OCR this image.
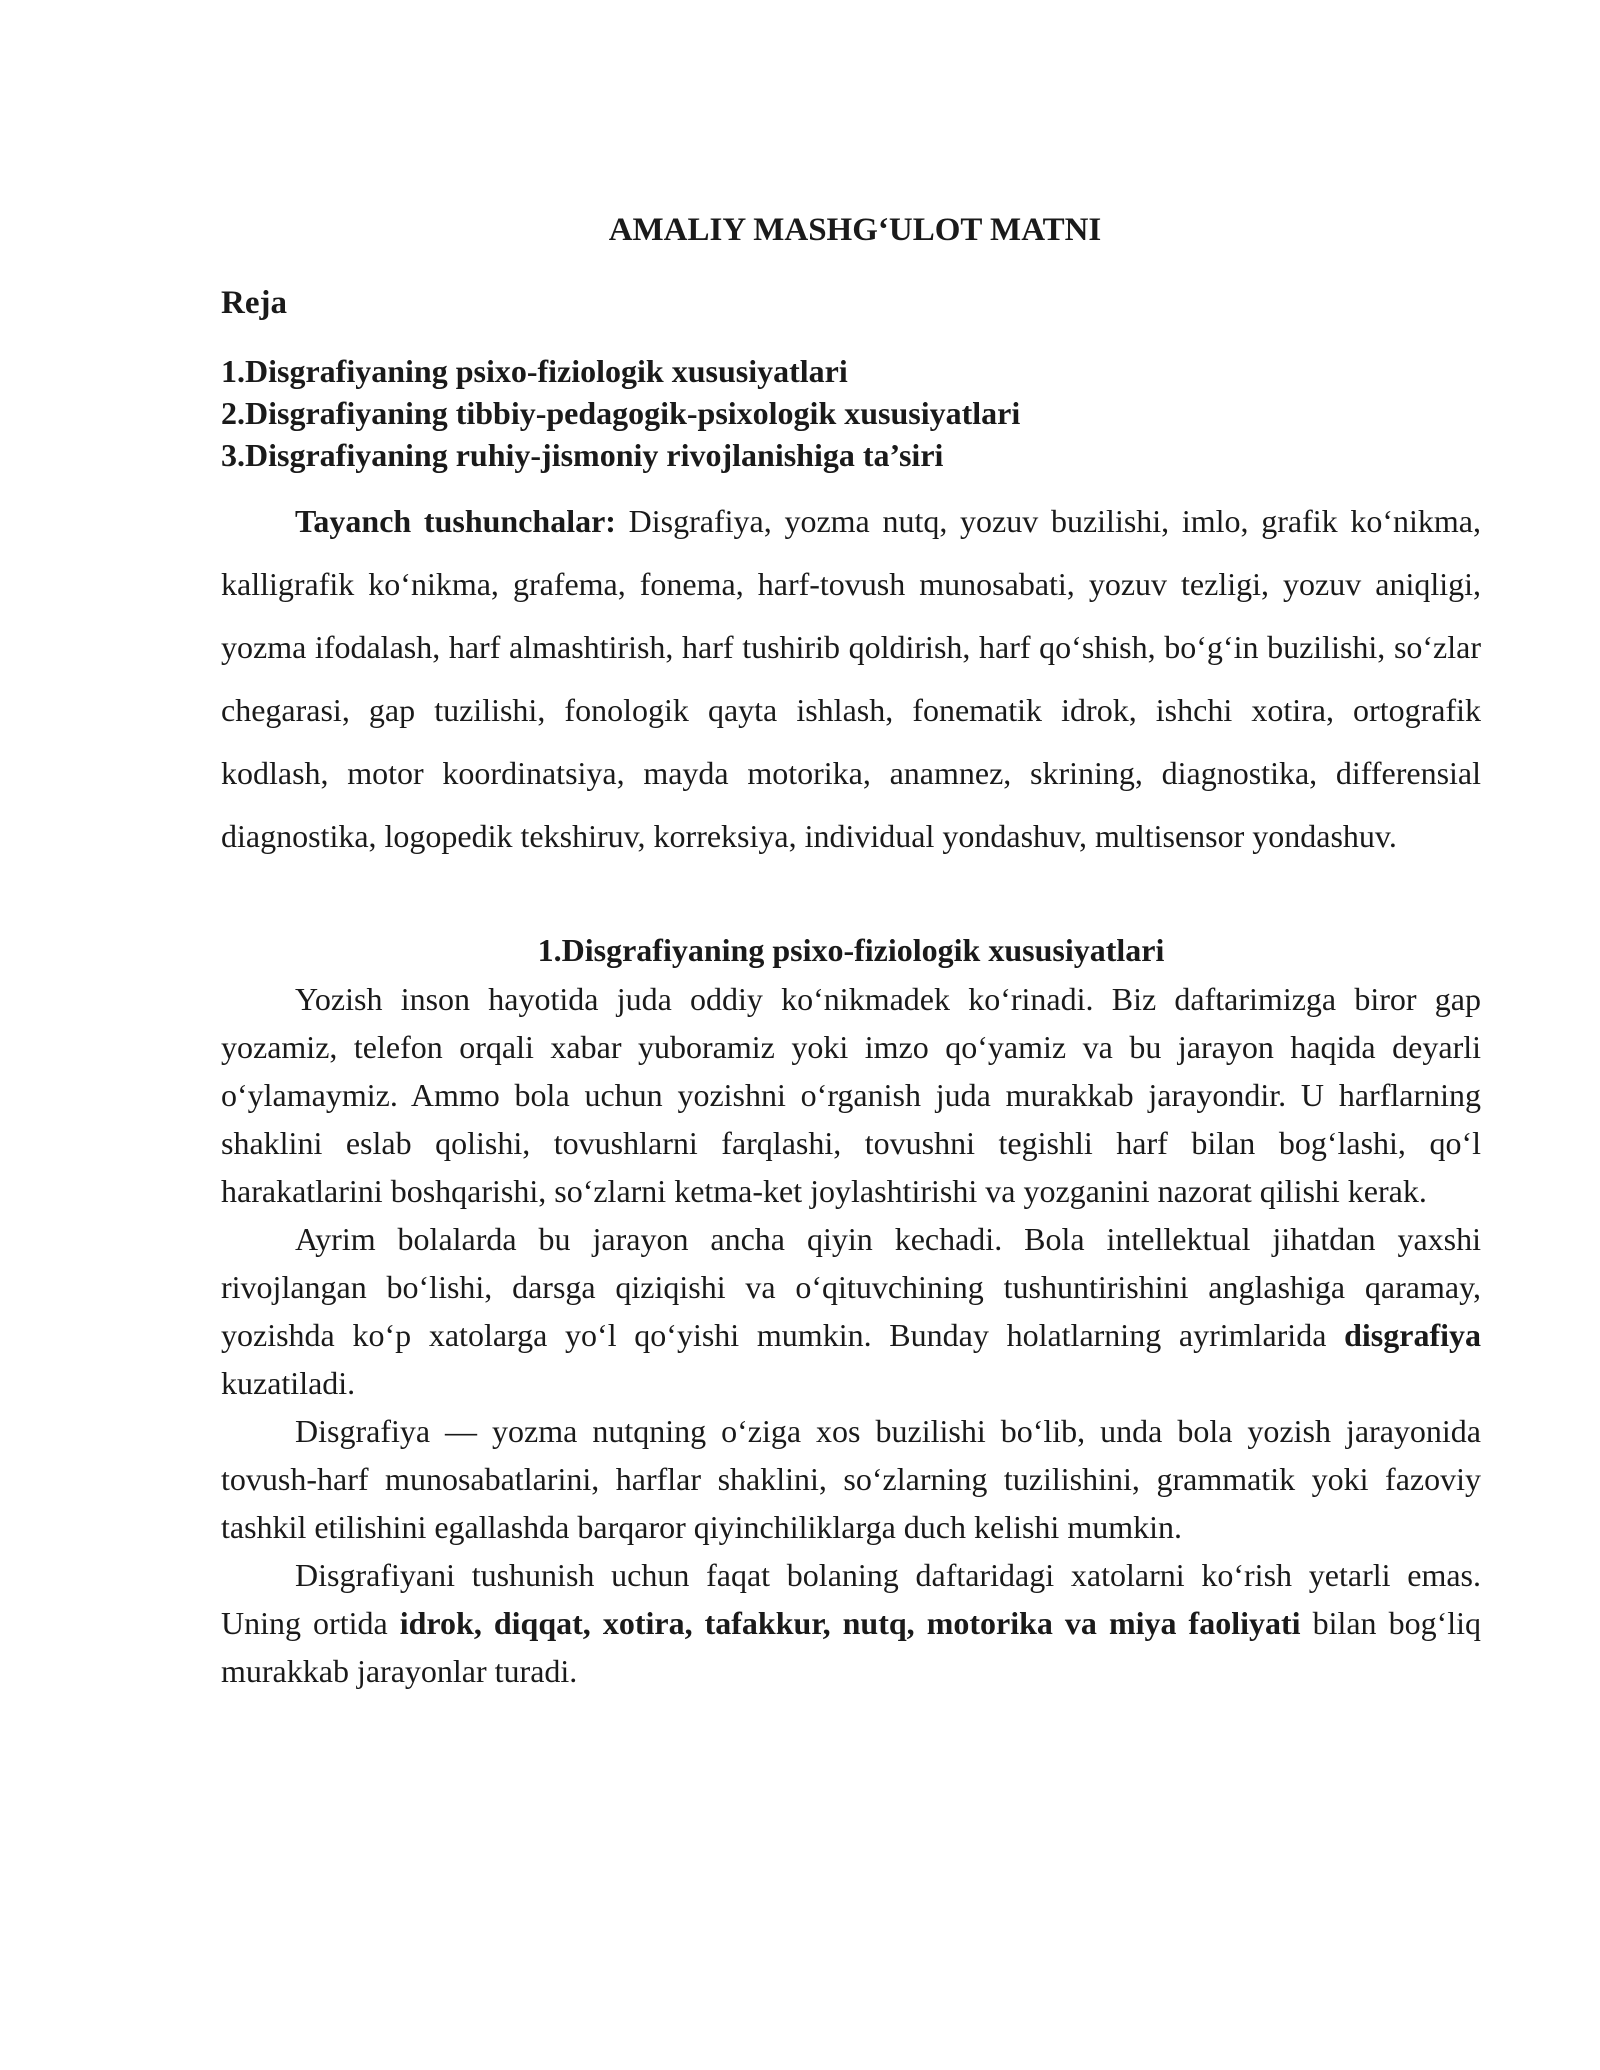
AMALIY MASHG‘ULOT MATNI
Reja
1.Disgrafiyaning psixo-fiziologik xususiyatlari
2.Disgrafiyaning tibbiy-pedagogik-psixologik xususiyatlari
3.Disgrafiyaning ruhiy-jismoniy rivojlanishiga ta’siri
Tayanch tushunchalar: Disgrafiya, yozma nutq, yozuv buzilishi, imlo, grafik ko‘nikma, kalligrafik ko‘nikma, grafema, fonema, harf-tovush munosabati, yozuv tezligi, yozuv aniqligi, yozma ifodalash, harf almashtirish, harf tushirib qoldirish, harf qo‘shish, bo‘g‘in buzilishi, so‘zlar chegarasi, gap tuzilishi, fonologik qayta ishlash, fonematik idrok, ishchi xotira, ortografik kodlash, motor koordinatsiya, mayda motorika, anamnez, skrining, diagnostika, differensial diagnostika, logopedik tekshiruv, korreksiya, individual yondashuv, multisensor yondashuv.
1.Disgrafiyaning psixo-fiziologik xususiyatlari

Yozish inson hayotida juda oddiy ko‘nikmadek ko‘rinadi. Biz daftarimizga biror gap yozamiz, telefon orqali xabar yuboramiz yoki imzo qo‘yamiz va bu jarayon haqida deyarli o‘ylamaymiz. Ammo bola uchun yozishni o‘rganish juda murakkab jarayondir. U harflarning shaklini eslab qolishi, tovushlarni farqlashi, tovushni tegishli harf bilan bog‘lashi, qo‘l harakatlarini boshqarishi, so‘zlarni ketma-ket joylashtirishi va yozganini nazorat qilishi kerak.

Ayrim bolalarda bu jarayon ancha qiyin kechadi. Bola intellektual jihatdan yaxshi rivojlangan bo‘lishi, darsga qiziqishi va o‘qituvchining tushuntirishini anglashiga qaramay, yozishda ko‘p xatolarga yo‘l qo‘yishi mumkin. Bunday holatlarning ayrimlarida disgrafiya kuzatiladi.

Disgrafiya — yozma nutqning o‘ziga xos buzilishi bo‘lib, unda bola yozish jarayonida tovush-harf munosabatlarini, harflar shaklini, so‘zlarning tuzilishini, grammatik yoki fazoviy tashkil etilishini egallashda barqaror qiyinchiliklarga duch kelishi mumkin.

Disgrafiyani tushunish uchun faqat bolaning daftaridagi xatolarni ko‘rish yetarli emas. Uning ortida idrok, diqqat, xotira, tafakkur, nutq, motorika va miya faoliyati bilan bog‘liq murakkab jarayonlar turadi.
